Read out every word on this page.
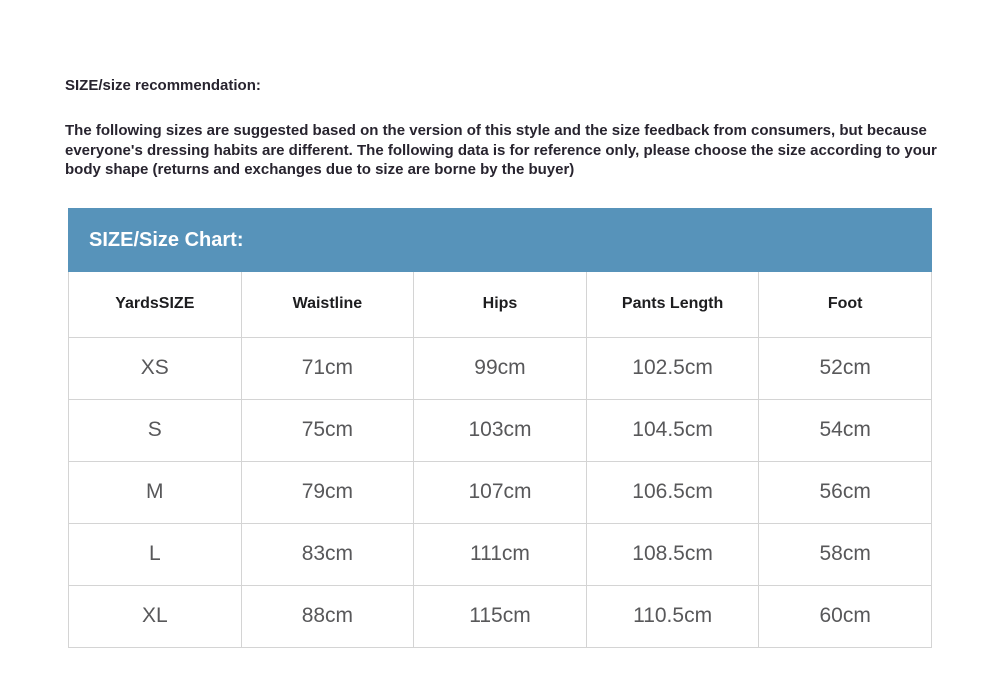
SIZE/size recommendation:

The following sizes are suggested based on the version of this style and the size feedback from consumers, but because everyone's dressing habits are different. The following data is for reference only, please choose the size according to your body shape (returns and exchanges due to size are borne by the buyer)

SIZE/Size Chart:
YardsSIZE	Waistline	Hips	Pants Length	Foot
XS	71cm	99cm	102.5cm	52cm
S	75cm	103cm	104.5cm	54cm
M	79cm	107cm	106.5cm	56cm
L	83cm	111cm	108.5cm	58cm
XL	88cm	115cm	110.5cm	60cm
